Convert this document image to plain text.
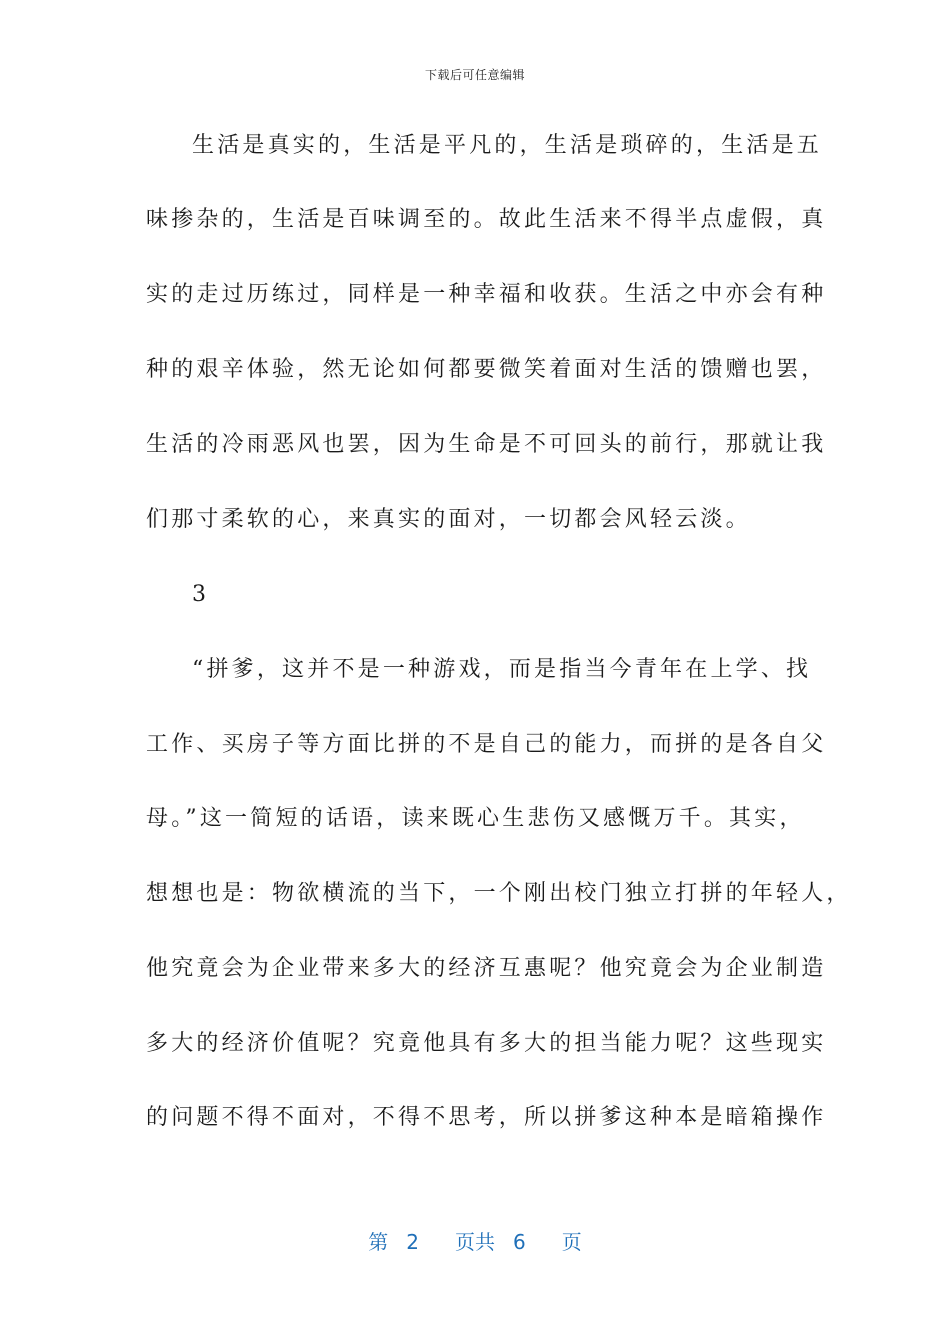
下载后可任意编辑
生活是真实的，生活是平凡的，生活是琐碎的，生活是五
味掺杂的，生活是百味调至的。故此生活来不得半点虚假，真
实的走过历练过，同样是一种幸福和收获。生活之中亦会有种
种的艰辛体验，然无论如何都要微笑着面对生活的馈赠也罢，
生活的冷雨恶风也罢，因为生命是不可回头的前行，那就让我
们那寸柔软的心，来真实的面对，一切都会风轻云淡。
3
“拼爹，这并不是一种游戏，而是指当今青年在上学、找
工作、买房子等方面比拼的不是自己的能力，而拼的是各自父
母。”这一简短的话语，读来既心生悲伤又感慨万千。其实，
想想也是：物欲横流的当下，一个刚出校门独立打拼的年轻人，
他究竟会为企业带来多大的经济互惠呢？他究竟会为企业制造
多大的经济价值呢？究竟他具有多大的担当能力呢？这些现实
的问题不得不面对，不得不思考，所以拼爹这种本是暗箱操作
第 2 页共 6 页
